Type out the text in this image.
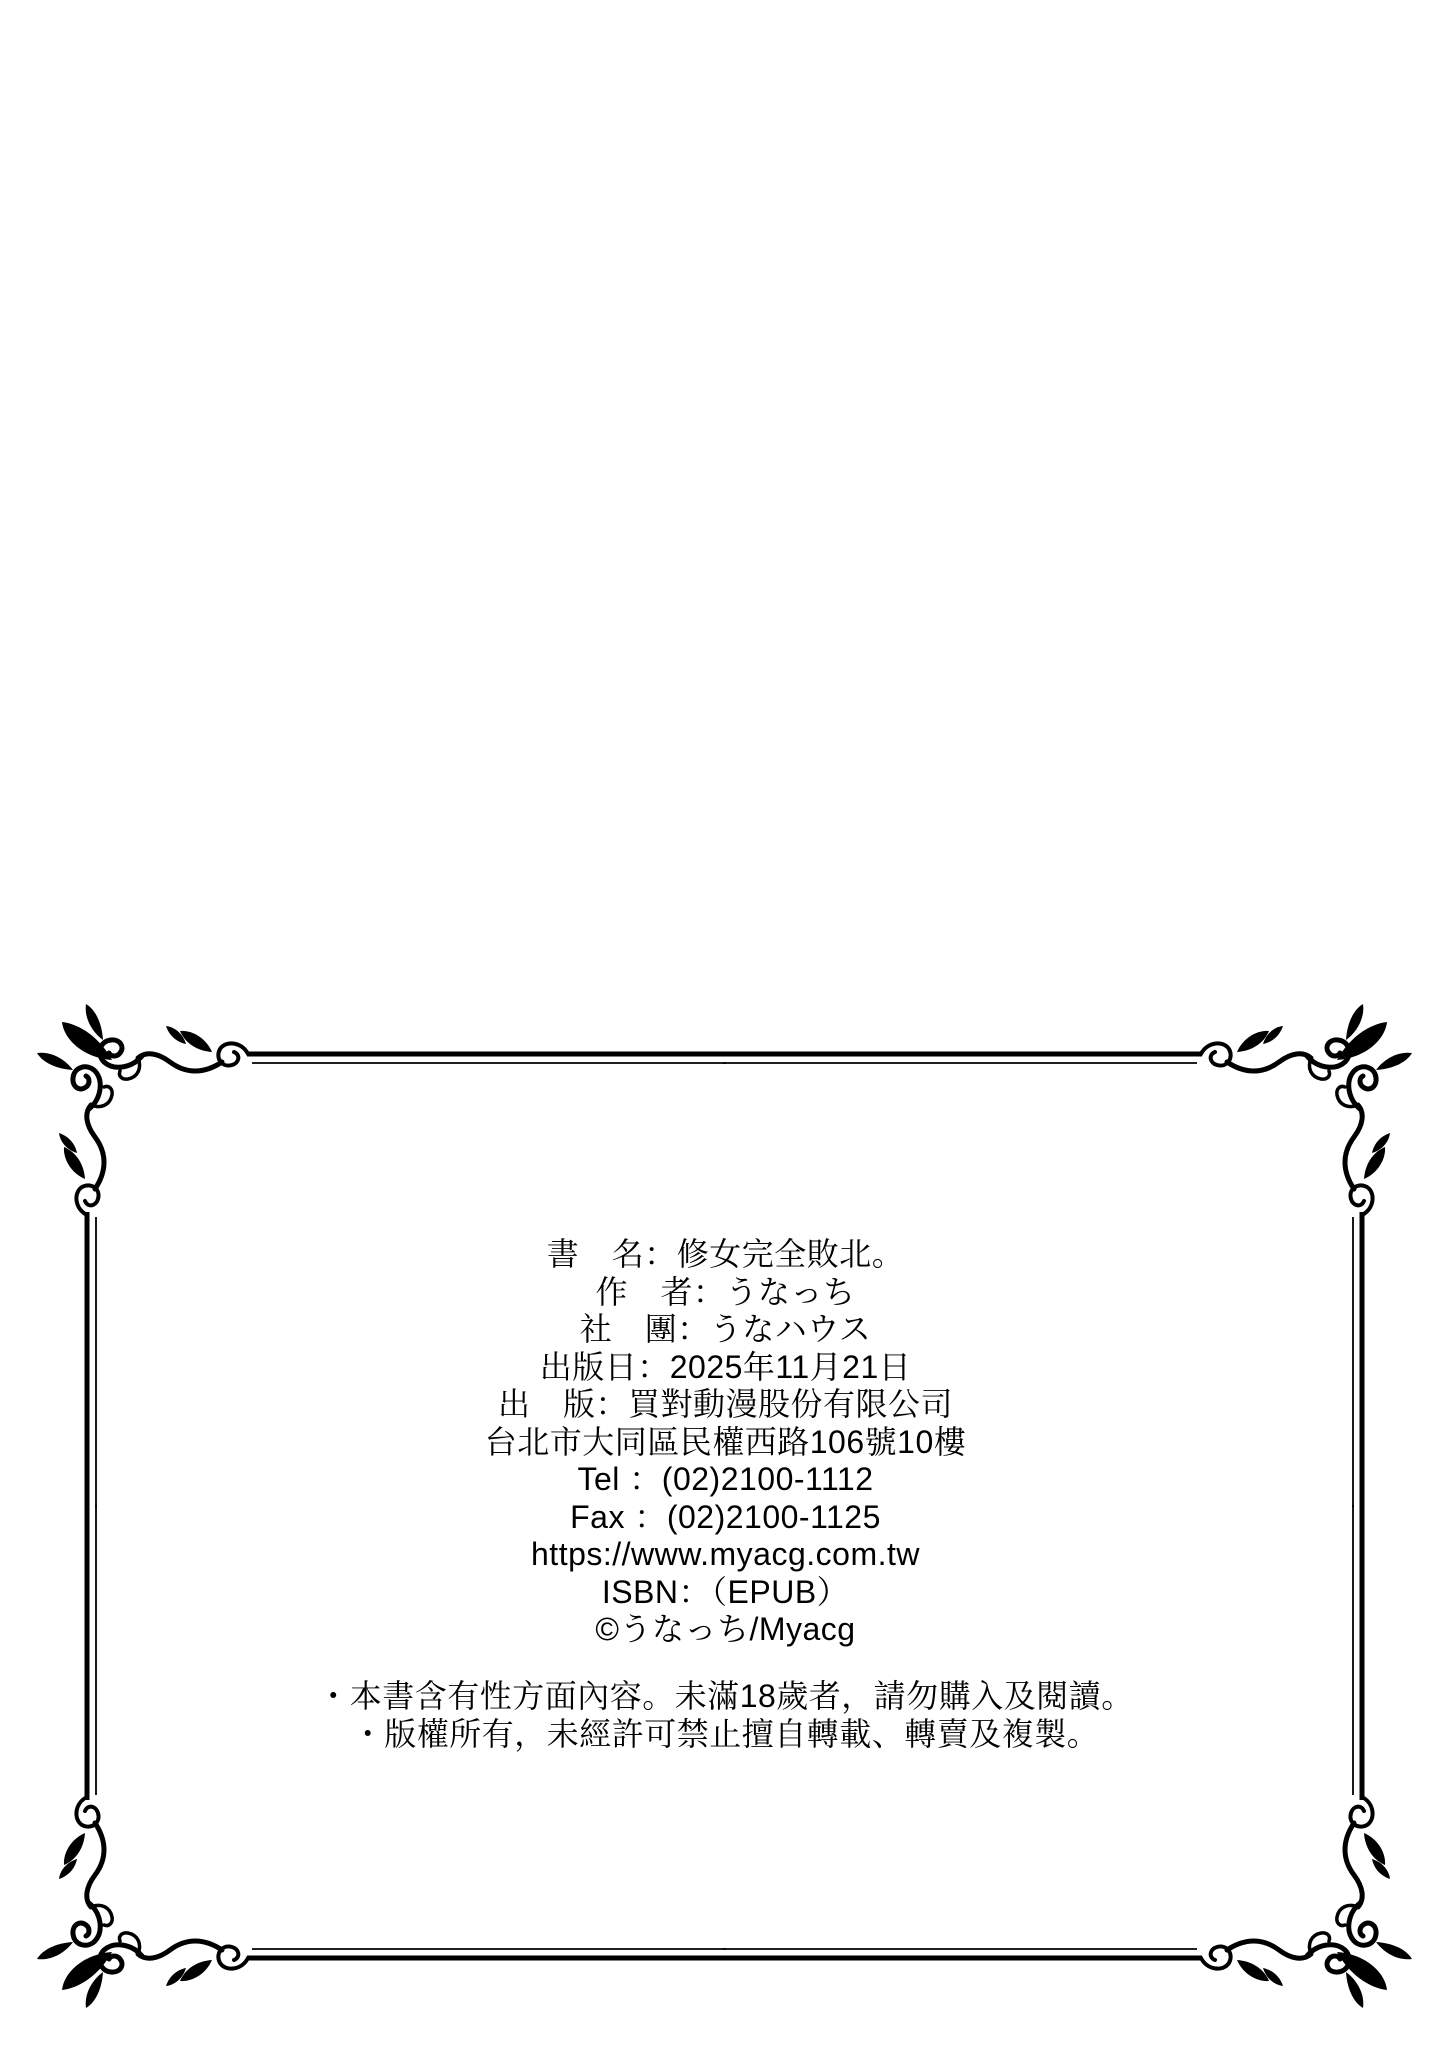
書　名：修女完全敗北。
作　者：うなっち
社　團：うなハウス
出版日：2025年11月21日
出　版：買對動漫股份有限公司
台北市大同區民權西路106號10樓
Tel ：(02)2100-1112
Fax ：(02)2100-1125
https://www.myacg.com.tw
ISBN：（EPUB）
©うなっち/Myacg
・本書含有性方面內容。未滿18歲者，請勿購入及閱讀。
・版權所有，未經許可禁止擅自轉載、轉賣及複製。
